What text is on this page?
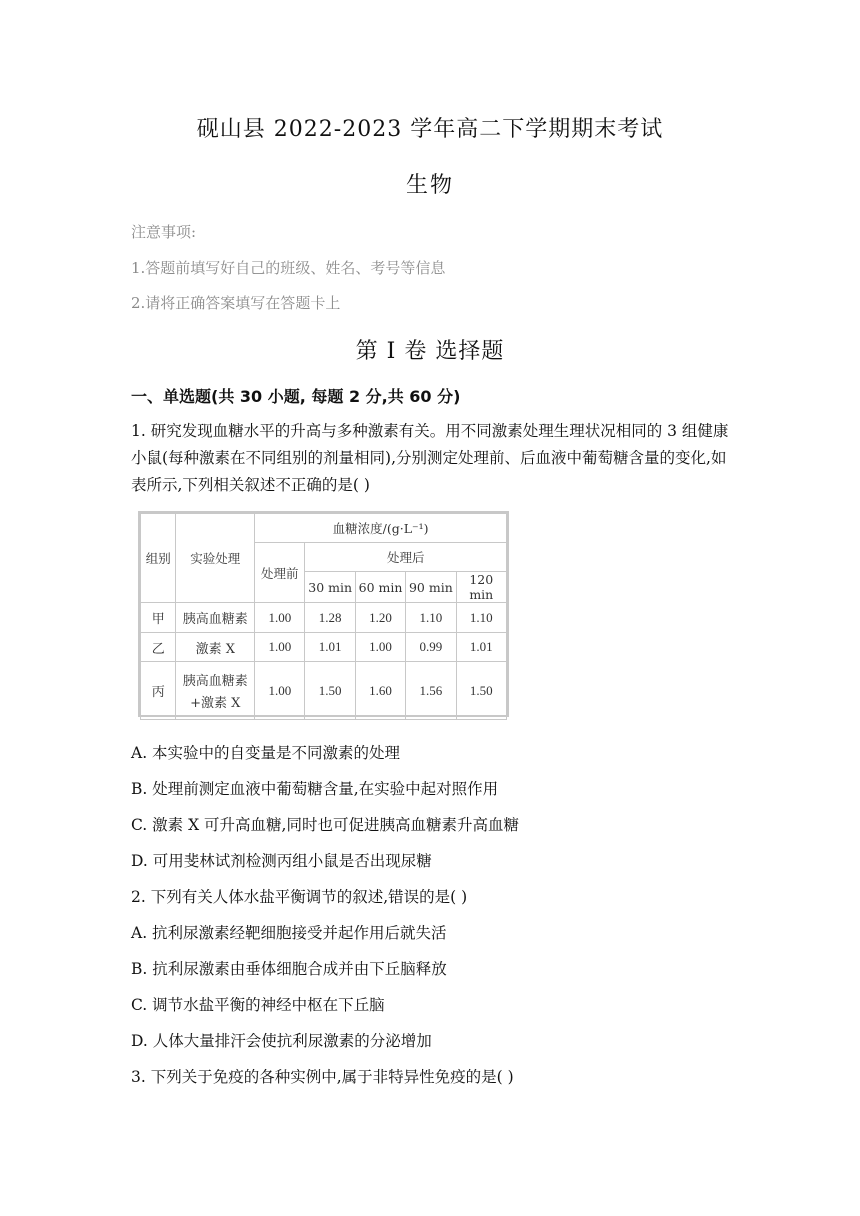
砚山县 2022-2023 学年高二下学期期末考试
生物
注意事项:
1.答题前填写好自己的班级、姓名、考号等信息
2.请将正确答案填写在答题卡上
第 I 卷 选择题
一、单选题(共 30 小题, 每题 2 分,共 60 分)
1. 研究发现血糖水平的升高与多种激素有关。用不同激素处理生理状况相同的 3 组健康小鼠(每种激素在不同组别的剂量相同),分别测定处理前、后血液中葡萄糖含量的变化,如表所示,下列相关叙述不正确的是( )
组别	实验处理	血糖浓度/(g·L⁻¹)				
		处理前	处理后			
			30 min	60 min	90 min	120 min
甲	胰高血糖素	1.00	1.28	1.20	1.10	1.10
乙	激素 X	1.00	1.01	1.00	0.99	1.01
丙	胰高血糖素
+激素 X	1.00	1.50	1.60	1.56	1.50
A. 本实验中的自变量是不同激素的处理
B. 处理前测定血液中葡萄糖含量,在实验中起对照作用
C. 激素 X 可升高血糖,同时也可促进胰高血糖素升高血糖
D. 可用斐林试剂检测丙组小鼠是否出现尿糖
2. 下列有关人体水盐平衡调节的叙述,错误的是( )
A. 抗利尿激素经靶细胞接受并起作用后就失活
B. 抗利尿激素由垂体细胞合成并由下丘脑释放
C. 调节水盐平衡的神经中枢在下丘脑
D. 人体大量排汗会使抗利尿激素的分泌增加
3. 下列关于免疫的各种实例中,属于非特异性免疫的是( )
